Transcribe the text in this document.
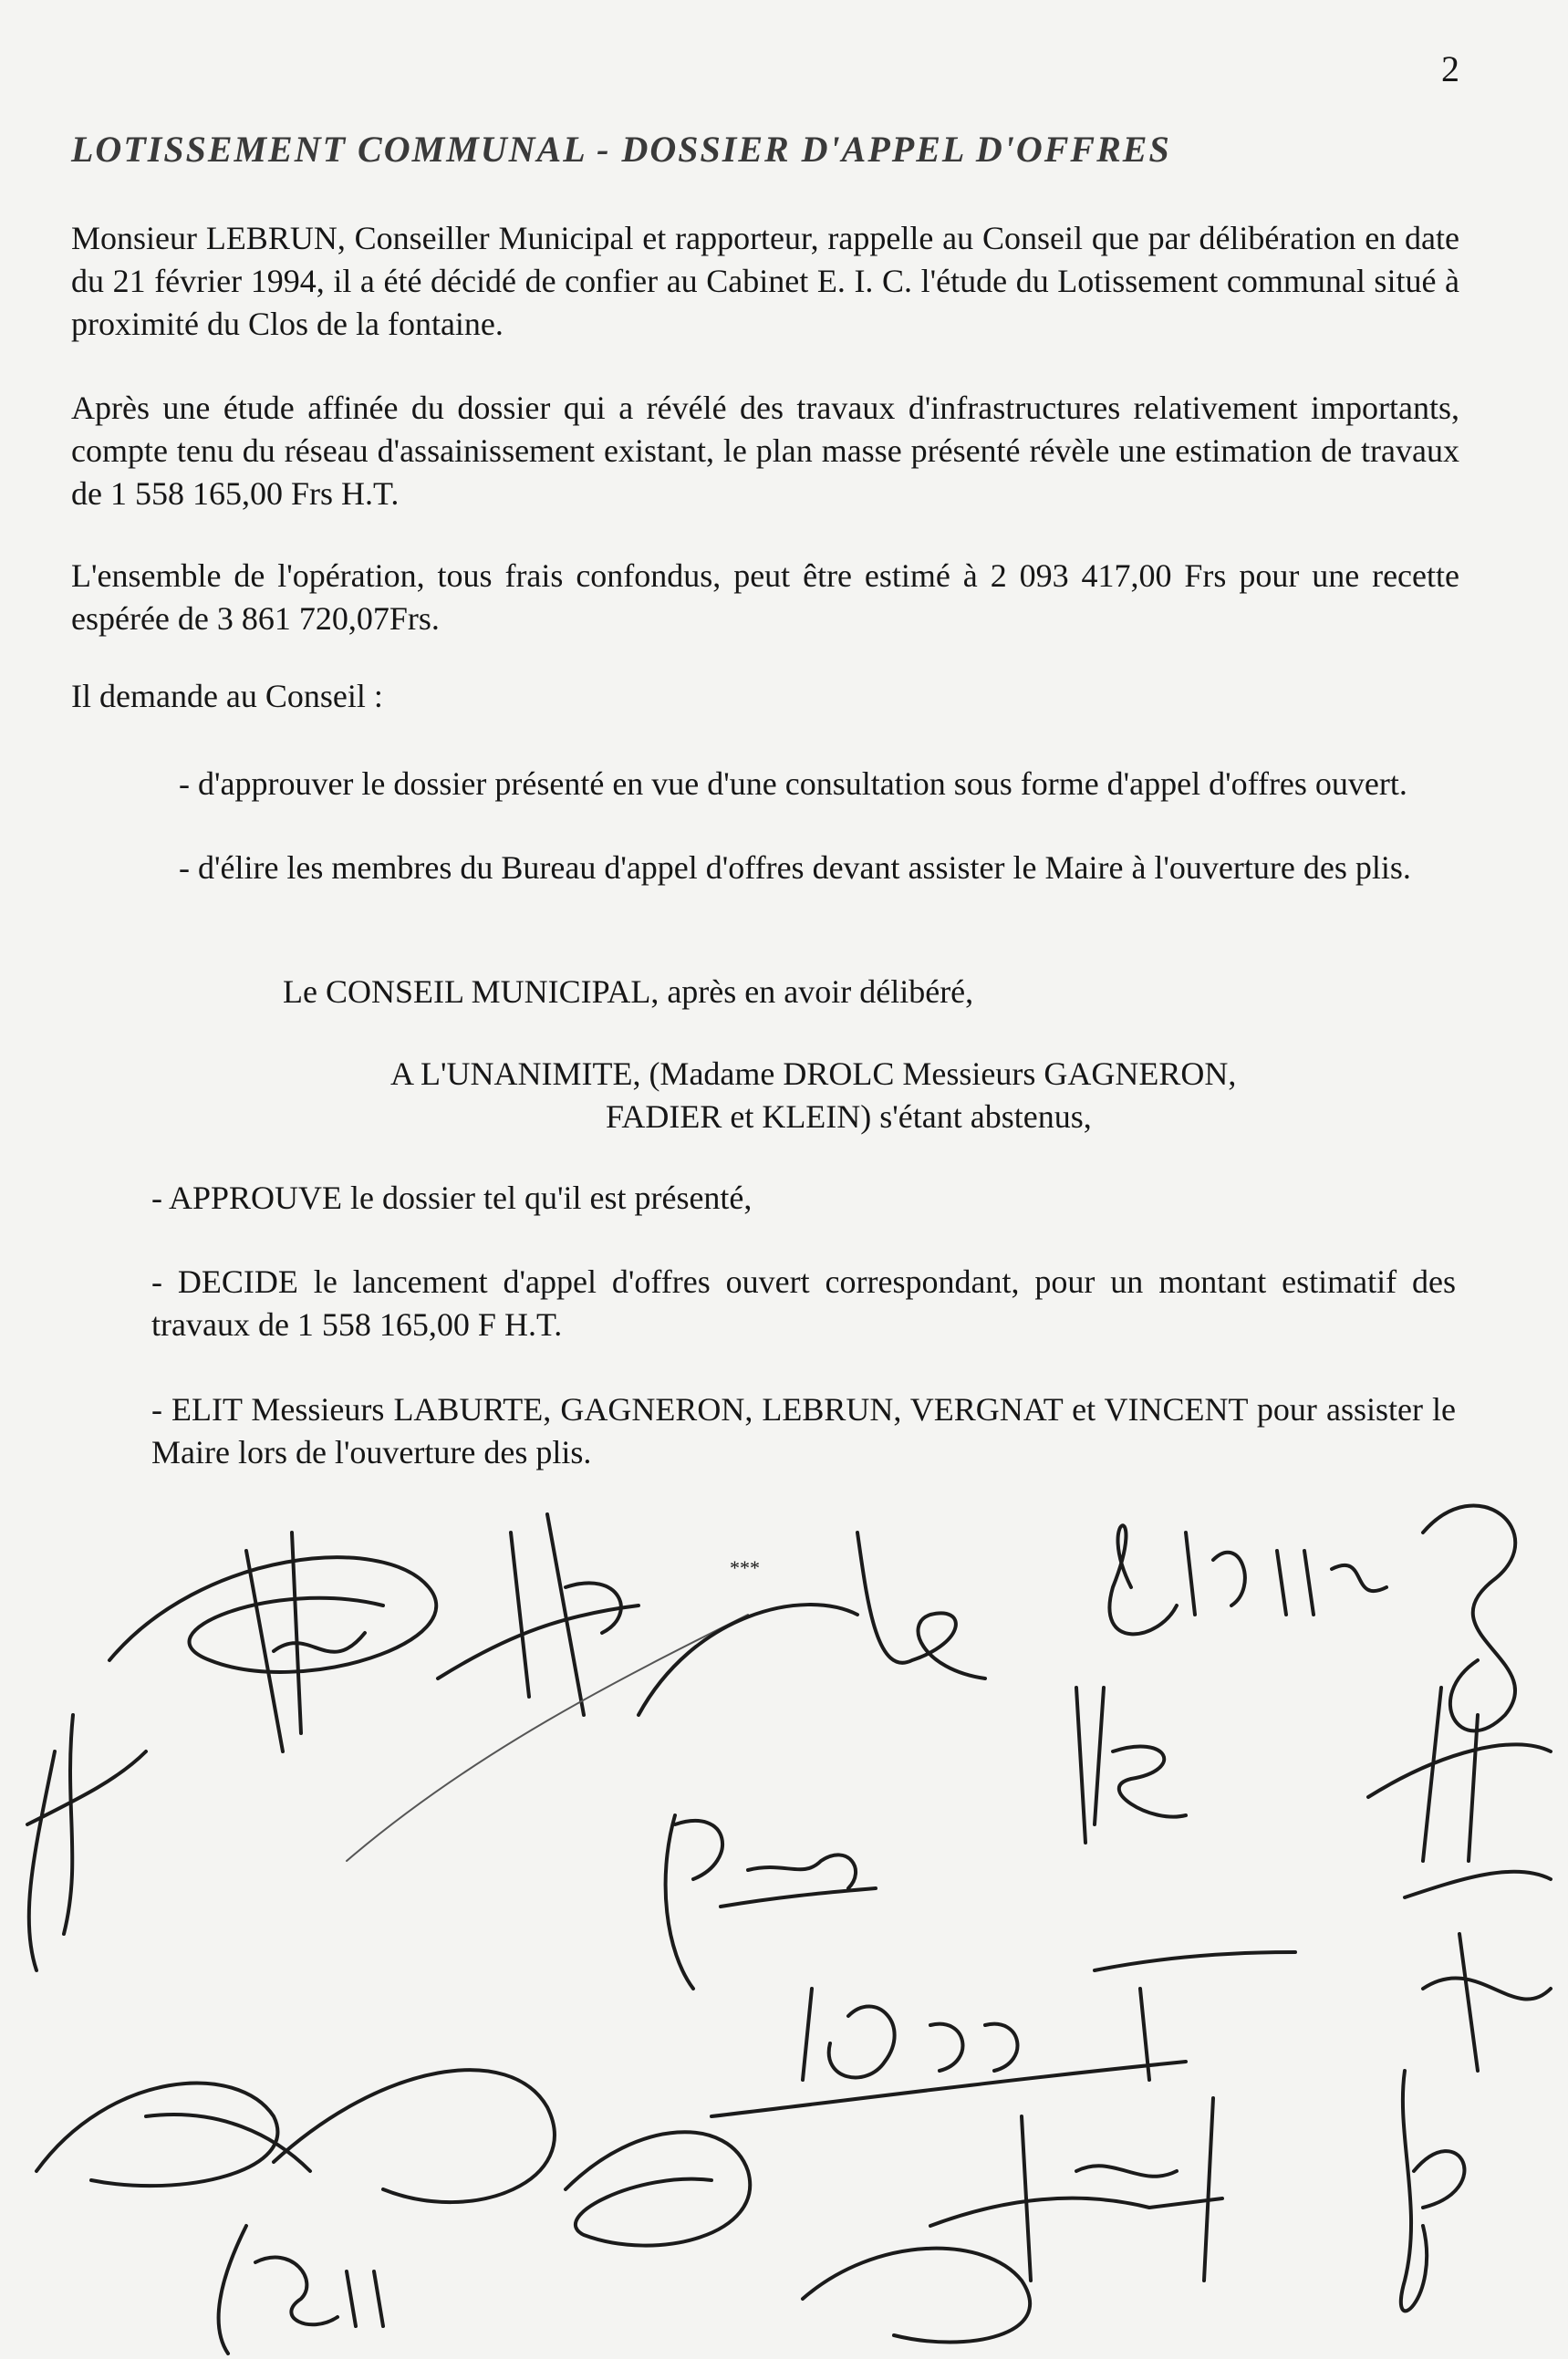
2
LOTISSEMENT COMMUNAL - DOSSIER D'APPEL D'OFFRES

Monsieur LEBRUN, Conseiller Municipal et rapporteur, rappelle au Conseil que par délibération en date du 21 février 1994, il a été décidé de confier au Cabinet E. I. C. l'étude du Lotissement communal situé à proximité du Clos de la fontaine.

Après une étude affinée du dossier qui a révélé des travaux d'infrastructures relativement importants, compte tenu du réseau d'assainissement existant, le plan masse présenté révèle une estimation de travaux de 1 558 165,00 Frs H.T.

L'ensemble de l'opération, tous frais confondus, peut être estimé à 2 093 417,00 Frs pour une recette espérée de 3 861 720,07Frs.

Il demande au Conseil :

- d'approuver le dossier présenté en vue d'une consultation sous forme d'appel d'offres ouvert.

- d'élire les membres du Bureau d'appel d'offres devant assister le Maire à l'ouverture des plis.

Le CONSEIL MUNICIPAL, après en avoir délibéré,
A L'UNANIMITE, (Madame DROLC Messieurs GAGNERON,
FADIER et KLEIN) s'étant abstenus,
- APPROUVE le dossier tel qu'il est présenté,

- DECIDE le lancement d'appel d'offres ouvert correspondant, pour un montant estimatif des travaux de 1 558 165,00 F H.T.

- ELIT Messieurs LABURTE, GAGNERON, LEBRUN, VERGNAT et VINCENT pour assister le Maire lors de l'ouverture des plis.

***
